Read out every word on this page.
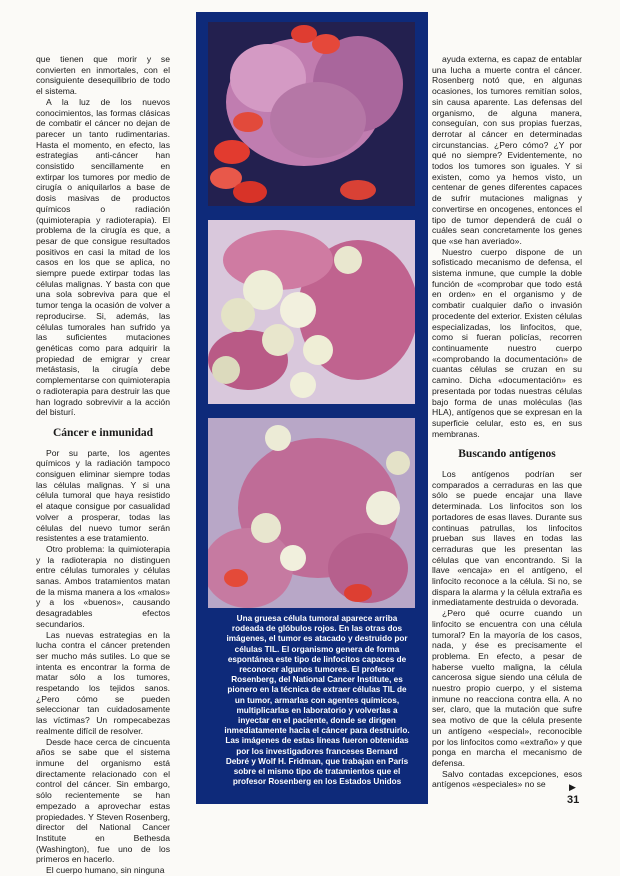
que tienen que morir y se convierten en inmortales, con el consiguiente desequilibrio de todo el sistema.

A la luz de los nuevos conocimientos, las formas clásicas de combatir el cáncer no dejan de parecer un tanto rudimentarias. Hasta el momento, en efecto, las estrategias anti-cáncer han consistido sencillamente en extirpar los tumores por medio de cirugía o aniquilarlos a base de dosis masivas de productos químicos o radiación (quimioterapia y radioterapia). El problema de la cirugía es que, a pesar de que consigue resultados positivos en casi la mitad de los casos en los que se aplica, no siempre puede extirpar todas las células malignas. Y basta con que una sola sobreviva para que el tumor tenga la ocasión de volver a reproducirse. Si, además, las células tumorales han sufrido ya las suficientes mutaciones genéticas como para adquirir la propiedad de emigrar y crear metástasis, la cirugía debe complementarse con quimioterapia o radioterapia para destruir las que han logrado sobrevivir a la acción del bisturí.

Cáncer e inmunidad

Por su parte, los agentes químicos y la radiación tampoco consiguen eliminar siempre todas las células malignas. Y si una célula tumoral que haya resistido el ataque consigue por casualidad volver a prosperar, todas las células del nuevo tumor serán resistentes a ese tratamiento.

Otro problema: la quimioterapia y la radioterapia no distinguen entre células tumorales y células sanas. Ambos tratamientos matan de la misma manera a los «malos» y a los «buenos», causando desagradables efectos secundarios.

Las nuevas estrategias en la lucha contra el cáncer pretenden ser mucho más sutiles. Lo que se intenta es encontrar la forma de matar sólo a los tumores, respetando los tejidos sanos. ¿Pero cómo se pueden seleccionar tan cuidadosamente las víctimas? Un rompecabezas realmente difícil de resolver.

Desde hace cerca de cincuenta años se sabe que el sistema inmune del organismo está directamente relacionado con el control del cáncer. Sin embargo, sólo recientemente se han empezado a aprovechar estas propiedades. Y Steven Rosenberg, director del National Cancer Institute en Bethesda (Washington), fue uno de los primeros en hacerlo.

El cuerpo humano, sin ninguna

Una gruesa célula tumoral aparece arriba rodeada de glóbulos rojos. En las otras dos imágenes, el tumor es atacado y destruido por células TIL. El organismo genera de forma espontánea este tipo de linfocitos capaces de reconocer algunos tumores. El profesor Rosenberg, del National Cancer Institute, es pionero en la técnica de extraer células TIL de un tumor, armarlas con agentes químicos, multiplicarlas en laboratorio y volverlas a inyectar en el paciente, donde se dirigen inmediatamente hacia el cáncer para destruirlo. Las imágenes de estas líneas fueron obtenidas por los investigadores franceses Bernard Debré y Wolf H. Fridman, que trabajan en París sobre el mismo tipo de tratamientos que el profesor Rosenberg en los Estados Unidos

ayuda externa, es capaz de entablar una lucha a muerte contra el cáncer. Rosenberg notó que, en algunas ocasiones, los tumores remitían solos, sin causa aparente. Las defensas del organismo, de alguna manera, conseguían, con sus propias fuerzas, derrotar al cáncer en determinadas circunstancias. ¿Pero cómo? ¿Y por qué no siempre? Evidentemente, no todos los tumores son iguales. Y si existen, como ya hemos visto, un centenar de genes diferentes capaces de sufrir mutaciones malignas y convertirse en oncogenes, entonces el tipo de tumor dependerá de cuál o cuáles sean concretamente los genes que «se han averiado».

Nuestro cuerpo dispone de un sofisticado mecanismo de defensa, el sistema inmune, que cumple la doble función de «comprobar que todo está en orden» en el organismo y de combatir cualquier daño o invasión procedente del exterior. Existen células especializadas, los linfocitos, que, como si fueran policías, recorren continuamente nuestro cuerpo «comprobando la documentación» de cuantas células se cruzan en su camino. Dicha «documentación» es presentada por todas nuestras células bajo forma de unas moléculas (las HLA), antígenos que se expresan en la superficie celular, esto es, en sus membranas.

Buscando antígenos

Los antígenos podrían ser comparados a cerraduras en las que sólo se puede encajar una llave determinada. Los linfocitos son los portadores de esas llaves. Durante sus continuas patrullas, los linfocitos prueban sus llaves en todas las cerraduras que les presentan las células que van encontrando. Si la llave «encaja» en el antígeno, el linfocito reconoce a la célula. Si no, se dispara la alarma y la célula extraña es inmediatamente destruida o devorada.

¿Pero qué ocurre cuando un linfocito se encuentra con una célula tumoral? En la mayoría de los casos, nada, y ése es precisamente el problema. En efecto, a pesar de haberse vuelto maligna, la célula cancerosa sigue siendo una célula de nuestro propio cuerpo, y el sistema inmune no reacciona contra ella. A no ser, claro, que la mutación que sufre sea motivo de que la célula presente un antígeno «especial», reconocible por los linfocitos como «extraño» y que ponga en marcha el mecanismo de defensa.

Salvo contadas excepciones, esos antígenos «especiales» no se	▶
31
